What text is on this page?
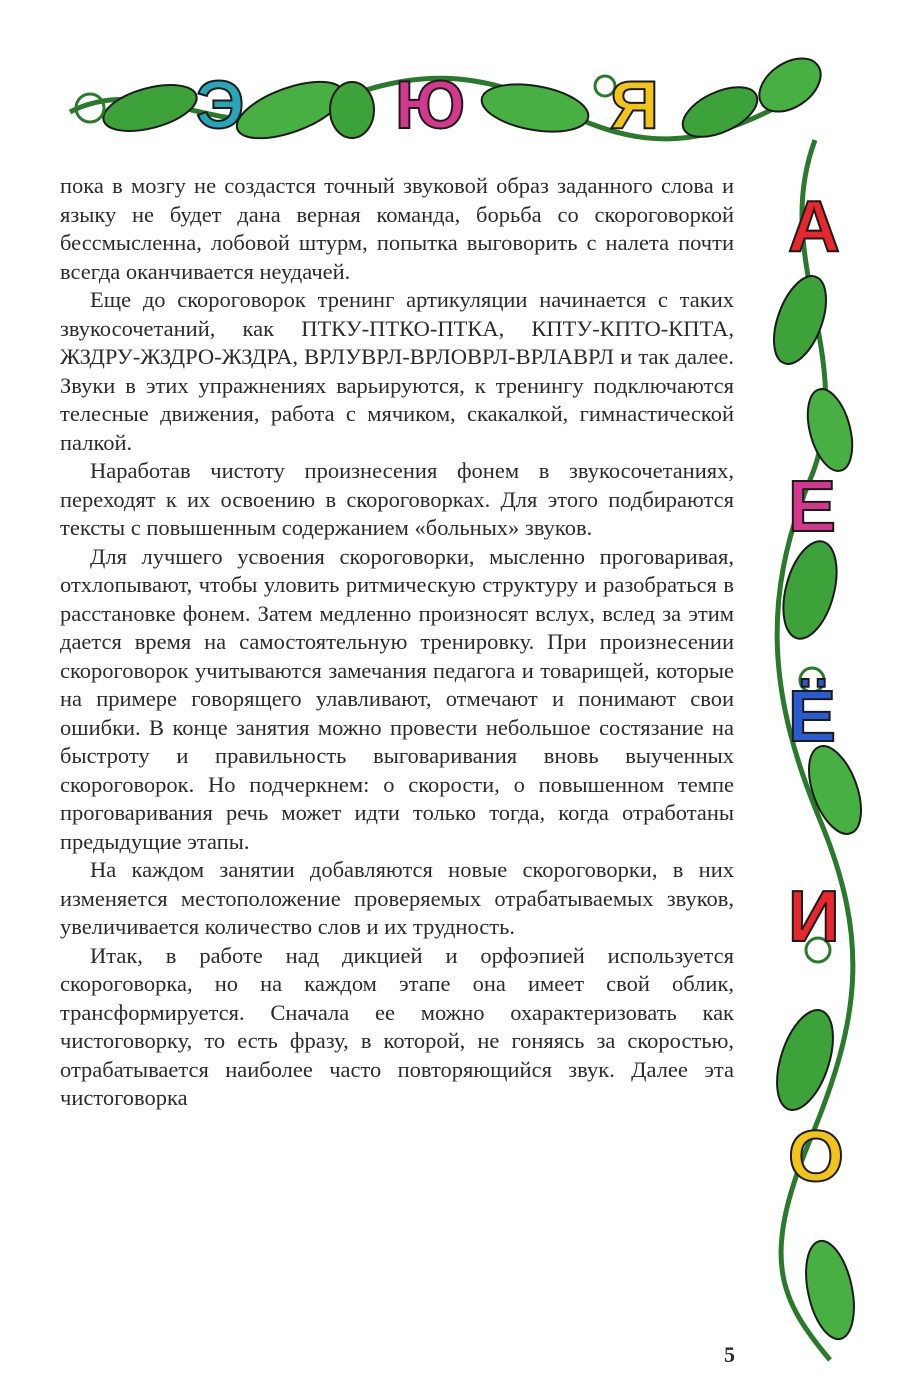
Э Ю Я
А
Е
Ё
И
О

пока в мозгу не создастся точный звуковой образ заданного слова и языку не будет дана верная команда, борьба со скороговоркой бессмысленна, лобовой штурм, попытка выговорить с налета почти всегда оканчивается неудачей.

Еще до скороговорок тренинг артикуляции начинается с таких звукосочетаний, как ПТКУ-ПТКО-ПТКА, КПТУ-КПТО-КПТА, ЖЗДРУ-ЖЗДРО-ЖЗДРА, ВРЛУВРЛ-ВРЛОВРЛ-ВРЛАВРЛ и так далее. Звуки в этих упражнениях варьируются, к тренингу подключаются телесные движения, работа с мячиком, скакалкой, гимнастической палкой.

Наработав чистоту произнесения фонем в звукосочетаниях, переходят к их освоению в скороговорках. Для этого подбираются тексты с повышенным содержанием «больных» звуков.

Для лучшего усвоения скороговорки, мысленно проговаривая, отхлопывают, чтобы уловить ритмическую структуру и разобраться в расстановке фонем. Затем медленно произносят вслух, вслед за этим дается время на самостоятельную тренировку. При произнесении скороговорок учитываются замечания педагога и товарищей, которые на примере говорящего улавливают, отмечают и понимают свои ошибки. В конце занятия можно провести небольшое состязание на быстроту и правильность выговаривания вновь выученных скороговорок. Но подчеркнем: о скорости, о повышенном темпе проговаривания речь может идти только тогда, когда отработаны предыдущие этапы.

На каждом занятии добавляются новые скороговорки, в них изменяется местоположение проверяемых отрабатываемых звуков, увеличивается количество слов и их трудность.

Итак, в работе над дикцией и орфоэпией используется скороговорка, но на каждом этапе она имеет свой облик, трансформируется. Сначала ее можно охарактеризовать как чистоговорку, то есть фразу, в которой, не гоняясь за скоростью, отрабатывается наиболее часто повторяющийся звук. Далее эта чистоговорка

5
